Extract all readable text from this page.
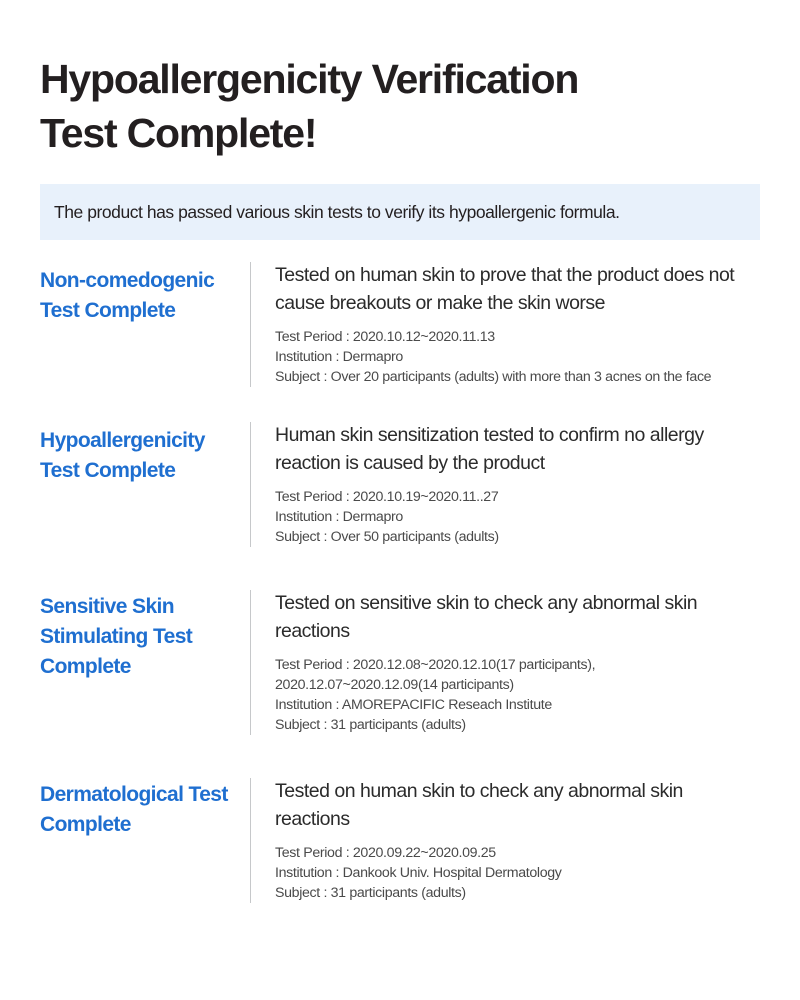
Hypoallergenicity Verification Test Complete!
The product has passed various skin tests to verify its hypoallergenic formula.
Non-comedogenic Test Complete
Tested on human skin to prove that the product does not cause breakouts or make the skin worse
Test Period : 2020.10.12~2020.11.13
Institution : Dermapro
Subject : Over 20 participants (adults) with more than 3 acnes on the face
Hypoallergenicity Test Complete
Human skin sensitization tested to confirm no allergy reaction is caused by the product
Test Period : 2020.10.19~2020.11..27
Institution : Dermapro
Subject : Over 50 participants (adults)
Sensitive Skin Stimulating Test Complete
Tested on sensitive skin to check any abnormal skin reactions
Test Period : 2020.12.08~2020.12.10(17 participants),
2020.12.07~2020.12.09(14 participants)
Institution : AMOREPACIFIC Reseach Institute
Subject : 31 participants (adults)
Dermatological Test Complete
Tested on human skin to check any abnormal skin reactions
Test Period : 2020.09.22~2020.09.25
Institution : Dankook Univ. Hospital Dermatology
Subject : 31 participants (adults)
